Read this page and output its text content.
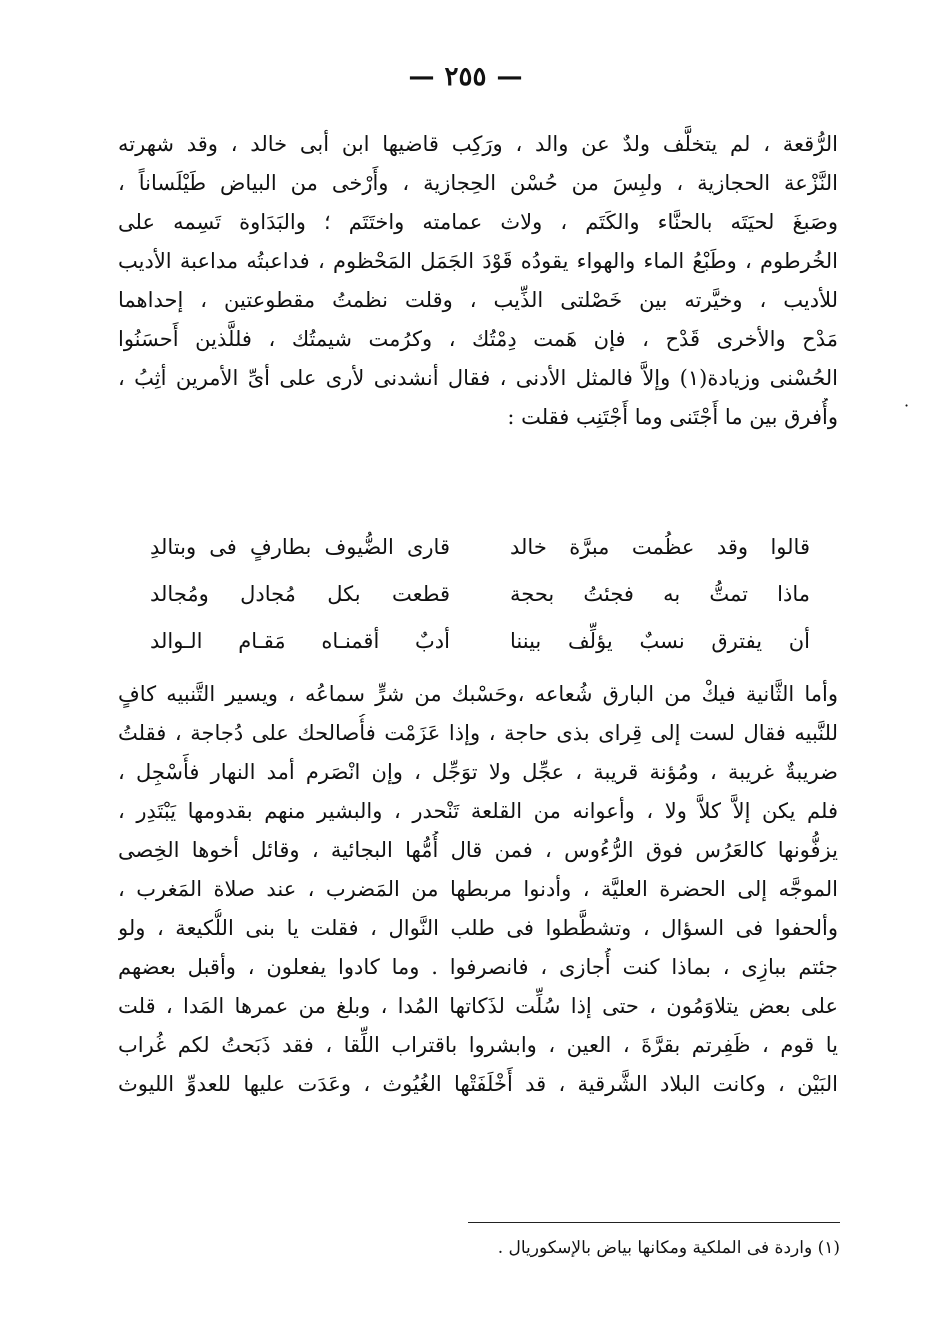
— ٢٥٥ —
الرُّقعة ، لم يتخلَّف ولدٌ عن والد ، ورَكِب قاضيها ابن أبى خالد ، وقد شهرته
النَّزْعة الحجازية ، ولبِسَ من حُسْن الحِجازية ، وأَرْخى من البياض طَيْلَساناً ،
وصَبغَ لحيَتَه بالحنَّاء والكَتَم ، ولاث عمامته واختَتَم ؛ والبَدَاوة تَسِمه على
الخُرطوم ، وطَبْعُ الماء والهواء يقودُه قَوْدَ الجَمَل المَحْظوم ، فداعبتُه مداعبة الأديب
للأديب ، وخيَّرته بين خَصْلتى الذِّيب ، وقلت نظمتُ مقطوعتين ، إحداهما
مَدْح والأخرى قَدْح ، فإن هَمت دِمْتُك ، وكرُمت شيمتُك ، فللَّذين أَحسَنُوا
الحُسْنى وزيادة(١) وإلاَّ فالمثل الأدنى ، فقال أنشدنى لأرى على أىِّ الأمرين أثِبُ ،
وأُفرق بين ما أَجْتَنى وما أَجْتَنِب فقلت :
قالوا وقد عظُمت مبرَّة خالد
قارى الضُّيوف بطارفٍ فى وبتالدِ
ماذا تمتُّ به فجئتُ بحجة
قطعت بكل مُجادل ومُجالد
أن يفترق نسبٌ يؤلِّف بيننا
أدبٌ أقمنـاه مَقـام الـوالد
وأما الثَّانية فيكْ من البارق شُعاعه ،وحَسْبك من شرٍّ سماعُه ، ويسير التَّنبيه كافٍ
للنَّبيه فقال لست إلى قِراى بذى حاجة ، وإذا عَزَمْت فأُصالحك على دُجاجة ، فقلتُ
ضريبةٌ غريبة ، ومُؤنة قريبة ، عجِّل ولا توَجِّل ، وإن انْصَرم أمد النهار فأَسْجِل ،
فلم يكن إلاَّ كلاَّ ولا ، وأعوانه من القلعة تَنْحدر ، والبشير منهم بقدومها يَبْتَدِر ،
يزفُّونها كالعَرُس فوق الرُّءُوس ، فمن قال أُمُّها البجائية ، وقائل أخوها الخِصى
الموجَّه إلى الحضرة العليَّة ، وأدنوا مربطها من المَضرب ، عند صلاة المَغرب ،
وألحفوا فى السؤال ، وتشطَّطوا فى طلب النَّوال ، فقلت يا بنى اللُّكيعة ، ولو
جئتم ببازِى ، بماذا كنت أُجازى ، فانصرفوا . وما كادوا يفعلون ، وأقبل بعضهم
على بعض يتلاوَمُون ، حتى إذا سُلِّت لذَكاتها المُدا ، وبلغ من عمرها المَدا ، قلت
يا قوم ، ظَفِرتم بقرَّةَ ، العين ، وابشروا باقتراب اللِّقا ، فقد ذَبَحتُ لكم غُراب
البَيْن ، وكانت البلاد الشَّرقية ، قد أَخْلَفَتْها الغُيُوث ، وعَدَت عليها للعدوِّ الليوث
(١) واردة فى الملكية ومكانها بياض بالإسكوريال .
·
